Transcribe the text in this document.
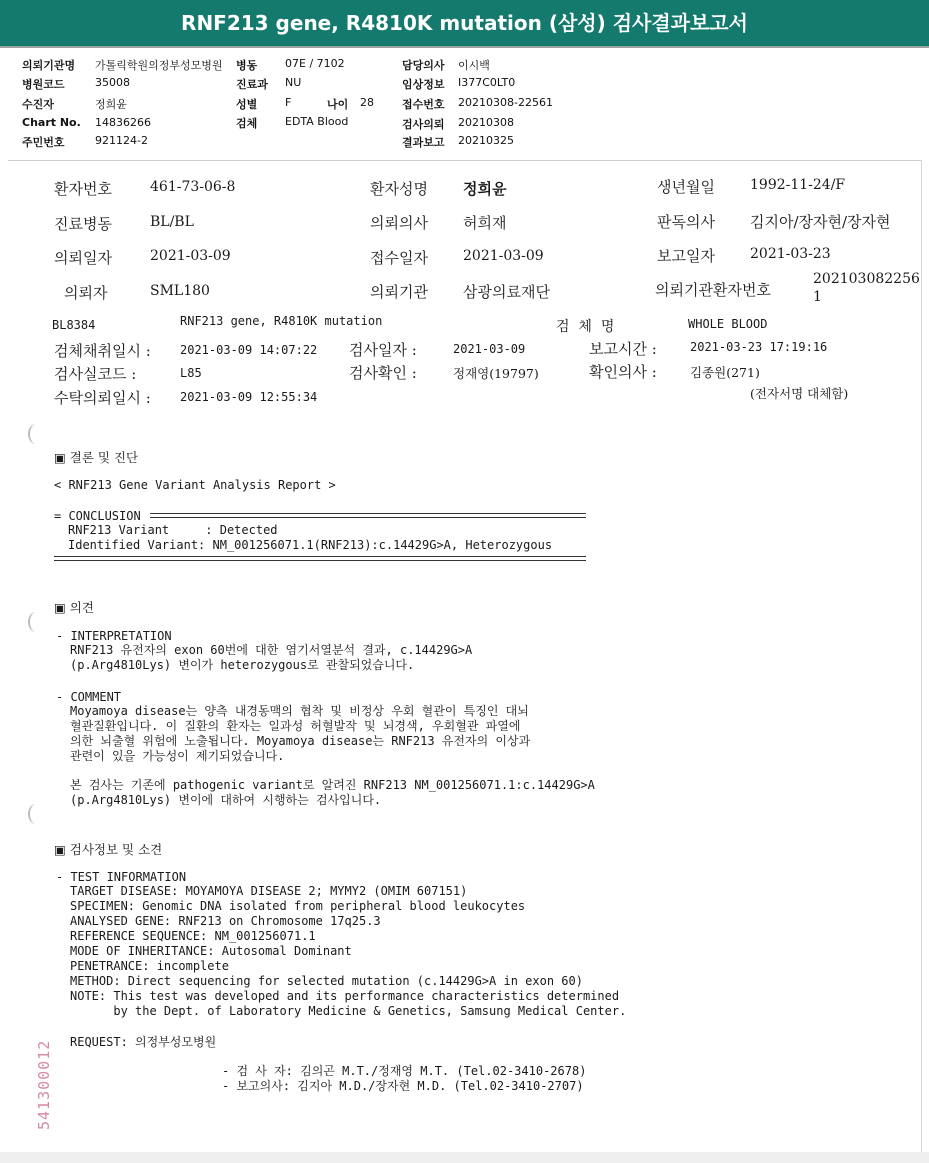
RNF213 gene, R4810K mutation (삼성) 검사결과보고서
의뢰기관명 가톨릭학원의정부성모병원
병원코드	35008
수진자	정희윤
Chart No. 14836266
주민번호	921124-2
병동	07E / 7102
진료과 NU
성별	F	나이 28
검체	EDTA Blood
담당의사 이시백
임상정보 I377C0LT0
접수번호 20210308-22561
검사의뢰 20210308
결과보고 20210325
환자번호	461-73-06-8	환자성명 정희윤	생년월일	1992-11-24/F
진료병동	BL/BL	의뢰의사 허희재	판독의사 김지아/장자현/장자현
의뢰일자	2021-03-09	접수일자	2021-03-09	보고일자	2021-03-23
의뢰자	SML180	의뢰기관 삼광의료재단	의뢰기관환자번호
202103082256
1
BL8384	RNF213 gene, R4810K mutation	검  체  명	WHOLE BLOOD
검체채취일시 : 2021-03-09 14:07:22 검사일자 :	2021-03-09	보고시간 :	2021-03-23 17:19:16
검사실코드 :	L85	검사확인 :	정재영(19797)	확인의사 :	김종원(271)
수탁의뢰일시 : 2021-03-09 12:55:34	(전자서명 대체함)
▣ 결론 및 진단
< RNF213 Gene Variant Analysis Report >
= CONCLUSION
RNF213 Variant     : Detected
Identified Variant: NM_001256071.1(RNF213):c.14429G>A, Heterozygous
▣ 의견
- INTERPRETATION
RNF213 유전자의 exon 60번에 대한 염기서열분석 결과, c.14429G>A
(p.Arg4810Lys) 변이가 heterozygous로 관찰되었습니다.
- COMMENT
Moyamoya disease는 양측 내경동맥의 협착 및 비정상 우회 혈관이 특징인 대뇌
혈관질환입니다. 이 질환의 환자는 일과성 허혈발작 및 뇌경색, 우회혈관 파열에
의한 뇌출혈 위험에 노출됩니다. Moyamoya disease는 RNF213 유전자의 이상과
관련이 있을 가능성이 제기되었습니다.
본 검사는 기존에 pathogenic variant로 알려진 RNF213 NM_001256071.1:c.14429G>A
(p.Arg4810Lys) 변이에 대하여 시행하는 검사입니다.
▣ 검사정보 및 소견
- TEST INFORMATION
TARGET DISEASE: MOYAMOYA DISEASE 2; MYMY2 (OMIM 607151)
SPECIMEN: Genomic DNA isolated from peripheral blood leukocytes
ANALYSED GENE: RNF213 on Chromosome 17q25.3
REFERENCE SEQUENCE: NM_001256071.1
MODE OF INHERITANCE: Autosomal Dominant
PENETRANCE: incomplete
METHOD: Direct sequencing for selected mutation (c.14429G>A in exon 60)
NOTE: This test was developed and its performance characteristics determined
by the Dept. of Laboratory Medicine & Genetics, Samsung Medical Center.
REQUEST: 의정부성모병원
- 검 사 자: 김의곤 M.T./정재영 M.T. (Tel.02-3410-2678)
- 보고의사: 김지아 M.D./장자현 M.D. (Tel.02-3410-2707)
541300012
